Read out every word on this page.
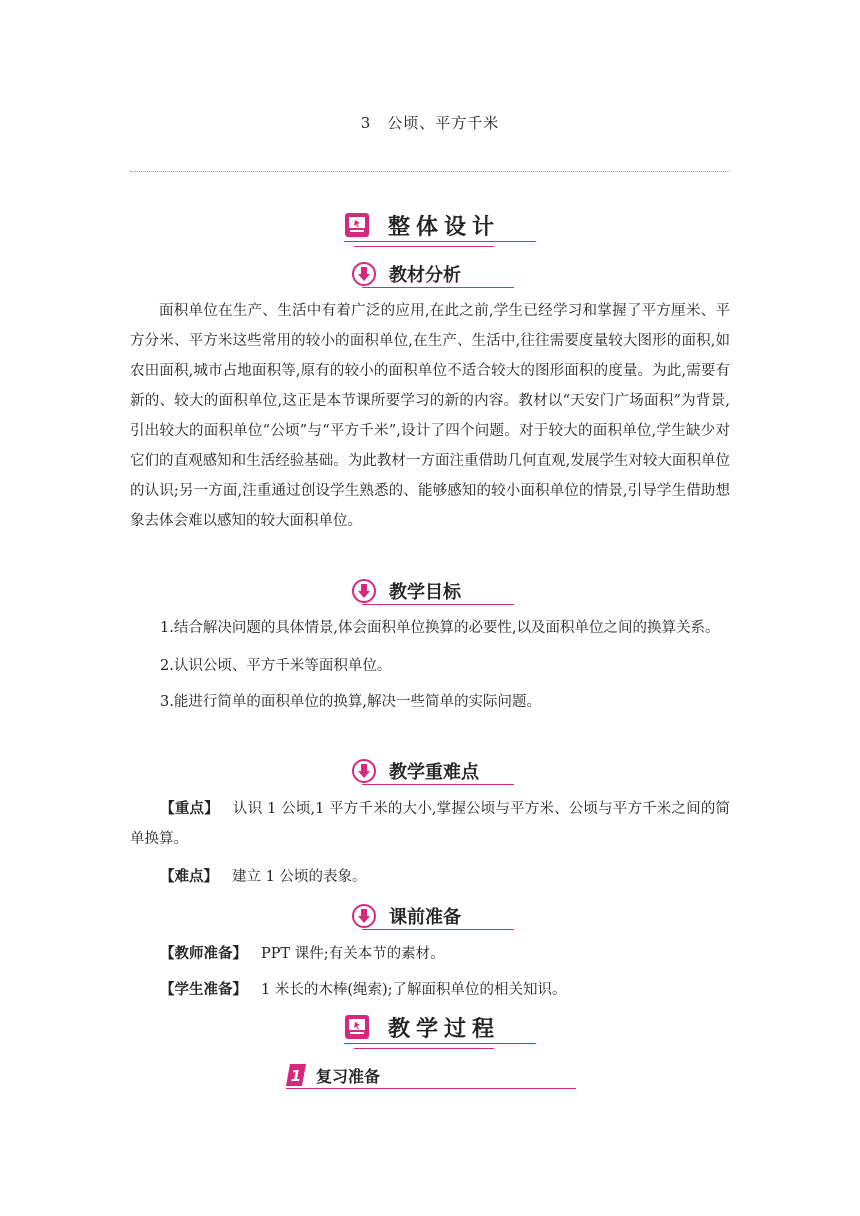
3　公顷、平方千米
整体设计
教材分析
面积单位在生产、生活中有着广泛的应用,在此之前,学生已经学习和掌握了平方厘米、平方分米、平方米这些常用的较小的面积单位,在生产、生活中,往往需要度量较大图形的面积,如农田面积,城市占地面积等,原有的较小的面积单位不适合较大的图形面积的度量。为此,需要有新的、较大的面积单位,这正是本节课所要学习的新的内容。教材以“天安门广场面积”为背景,引出较大的面积单位“公顷”与“平方千米”,设计了四个问题。对于较大的面积单位,学生缺少对它们的直观感知和生活经验基础。为此教材一方面注重借助几何直观,发展学生对较大面积单位的认识;另一方面,注重通过创设学生熟悉的、能够感知的较小面积单位的情景,引导学生借助想象去体会难以感知的较大面积单位。
教学目标
1.结合解决问题的具体情景,体会面积单位换算的必要性,以及面积单位之间的换算关系。
2.认识公顷、平方千米等面积单位。
3.能进行简单的面积单位的换算,解决一些简单的实际问题。
教学重难点
【重点】 认识 1 公顷,1 平方千米的大小,掌握公顷与平方米、公顷与平方千米之间的简单换算。
【难点】 建立 1 公顷的表象。
课前准备
【教师准备】 PPT 课件;有关本节的素材。
【学生准备】 1 米长的木棒(绳索);了解面积单位的相关知识。
教学过程
1 复习准备
